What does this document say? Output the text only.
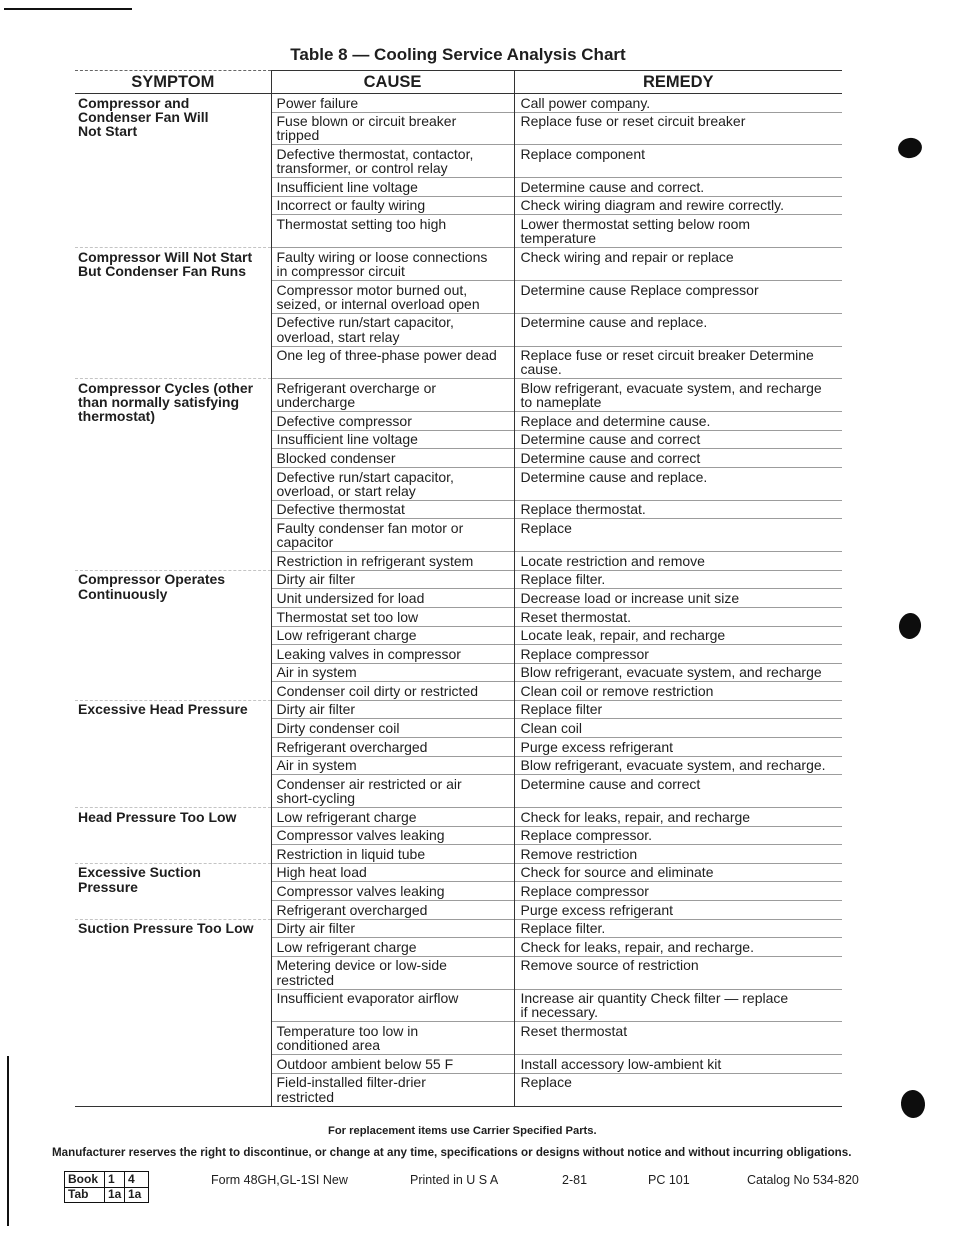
Table 8 — Cooling Service Analysis Chart
SYMPTOM	CAUSE	REMEDY
Compressor and
Condenser Fan Will
Not Start	Power failure	Call power company.
	Fuse blown or circuit breaker
tripped	Replace fuse or reset circuit breaker
	Defective thermostat, contactor,
transformer, or control relay	Replace component
	Insufficient line voltage	Determine cause and correct.
	Incorrect or faulty wiring	Check wiring diagram and rewire correctly.
	Thermostat setting too high	Lower thermostat setting below room
temperature
Compressor Will Not Start
But Condenser Fan Runs	Faulty wiring or loose connections
in compressor circuit	Check wiring and repair or replace
	Compressor motor burned out,
seized, or internal overload open	Determine cause Replace compressor
	Defective run/start capacitor,
overload, start relay	Determine cause and replace.
	One leg of three-phase power dead	Replace fuse or reset circuit breaker Determine
cause.
Compressor Cycles (other
than normally satisfying
thermostat)	Refrigerant overcharge or
undercharge	Blow refrigerant, evacuate system, and recharge
to nameplate
	Defective compressor	Replace and determine cause.
	Insufficient line voltage	Determine cause and correct
	Blocked condenser	Determine cause and correct
	Defective run/start capacitor,
overload, or start relay	Determine cause and replace.
	Defective thermostat	Replace thermostat.
	Faulty condenser fan motor or
capacitor	Replace
	Restriction in refrigerant system	Locate restriction and remove
Compressor Operates
Continuously	Dirty air filter	Replace filter.
	Unit undersized for load	Decrease load or increase unit size
	Thermostat set too low	Reset thermostat.
	Low refrigerant charge	Locate leak, repair, and recharge
	Leaking valves in compressor	Replace compressor
	Air in system	Blow refrigerant, evacuate system, and recharge
	Condenser coil dirty or restricted	Clean coil or remove restriction
Excessive Head Pressure	Dirty air filter	Replace filter
	Dirty condenser coil	Clean coil
	Refrigerant overcharged	Purge excess refrigerant
	Air in system	Blow refrigerant, evacuate system, and recharge.
	Condenser air restricted or air
short-cycling	Determine cause and correct
Head Pressure Too Low	Low refrigerant charge	Check for leaks, repair, and recharge
	Compressor valves leaking	Replace compressor.
	Restriction in liquid tube	Remove restriction
Excessive Suction
Pressure	High heat load	Check for source and eliminate
	Compressor valves leaking	Replace compressor
	Refrigerant overcharged	Purge excess refrigerant
Suction Pressure Too Low	Dirty air filter	Replace filter.
	Low refrigerant charge	Check for leaks, repair, and recharge.
	Metering device or low-side
restricted	Remove source of restriction
	Insufficient evaporator airflow	Increase air quantity Check filter — replace
if necessary.
	Temperature too low in
conditioned area	Reset thermostat
	Outdoor ambient below 55 F	Install accessory low-ambient kit
	Field-installed filter-drier
restricted	Replace
For replacement items use Carrier Specified Parts.
Manufacturer reserves the right to discontinue, or change at any time, specifications or designs without notice and without incurring obligations.
Book	1	4
Tab	1a	1a
Form 48GH,GL-1SI New	Printed in U S A	2-81	PC 101	Catalog No 534-820
